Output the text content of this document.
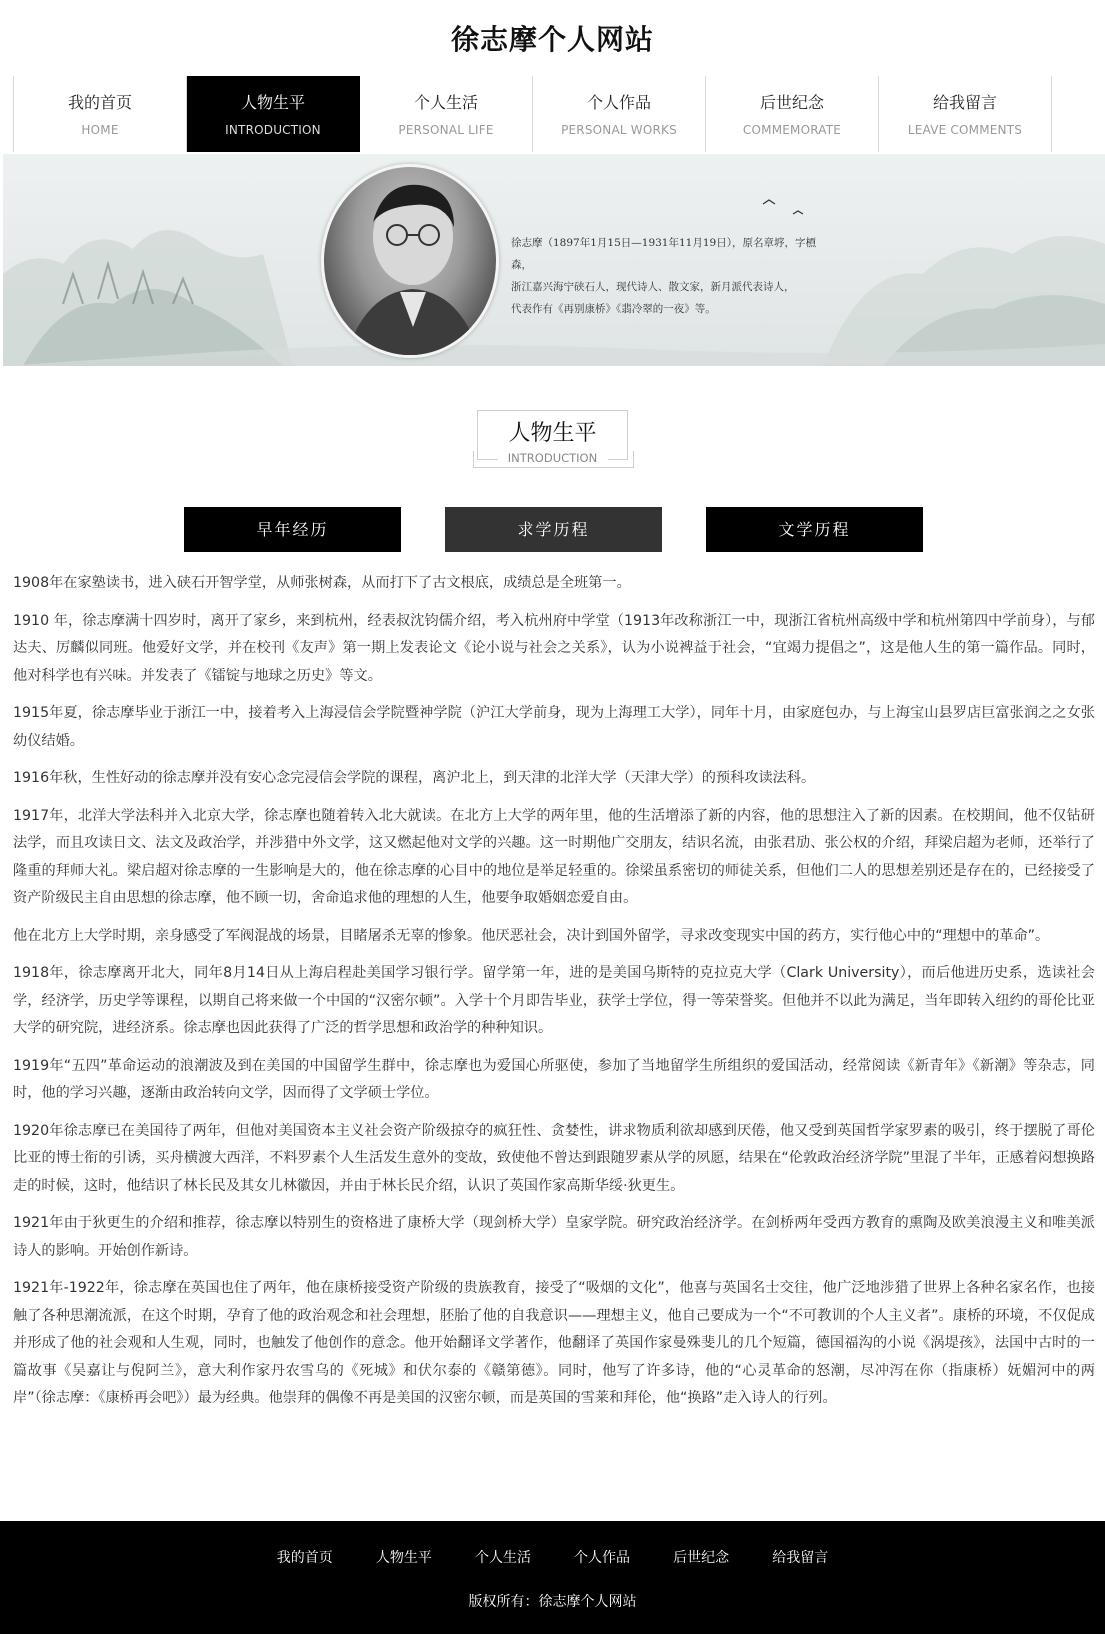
徐志摩个人网站
我的首页
HOME
人物生平
INTRODUCTION
个人生活
PERSONAL LIFE
个人作品
PERSONAL WORKS
后世纪念
COMMEMORATE
给我留言
LEAVE COMMENTS
徐志摩（1897年1月15日—1931年11月19日），原名章垿，字槱森，
浙江嘉兴海宁硖石人，现代诗人、散文家，新月派代表诗人，
代表作有《再别康桥》《翡冷翠的一夜》等。
人物生平
INTRODUCTION
早年经历	求学历程	文学历程

1908年在家塾读书，进入硖石开智学堂，从师张树森，从而打下了古文根底，成绩总是全班第一。

1910 年，徐志摩满十四岁时，离开了家乡，来到杭州，经表叔沈钧儒介绍，考入杭州府中学堂（1913年改称浙江一中，现浙江省杭州高级中学和杭州第四中学前身），与郁达夫、厉麟似同班。他爱好文学，并在校刊《友声》第一期上发表论文《论小说与社会之关系》，认为小说裨益于社会，“宜竭力提倡之”，这是他人生的第一篇作品。同时，他对科学也有兴味。并发表了《镭锭与地球之历史》等文。

1915年夏，徐志摩毕业于浙江一中，接着考入上海浸信会学院暨神学院（沪江大学前身，现为上海理工大学），同年十月，由家庭包办，与上海宝山县罗店巨富张润之之女张幼仪结婚。

1916年秋，生性好动的徐志摩并没有安心念完浸信会学院的课程，离沪北上，到天津的北洋大学（天津大学）的预科攻读法科。

1917年，北洋大学法科并入北京大学，徐志摩也随着转入北大就读。在北方上大学的两年里，他的生活增添了新的内容，他的思想注入了新的因素。在校期间，他不仅钻研法学，而且攻读日文、法文及政治学，并涉猎中外文学，这又燃起他对文学的兴趣。这一时期他广交朋友，结识名流，由张君劢、张公权的介绍，拜梁启超为老师，还举行了隆重的拜师大礼。梁启超对徐志摩的一生影响是大的，他在徐志摩的心目中的地位是举足轻重的。徐梁虽系密切的师徒关系，但他们二人的思想差别还是存在的，已经接受了资产阶级民主自由思想的徐志摩，他不顾一切，舍命追求他的理想的人生，他要争取婚姻恋爱自由。

他在北方上大学时期，亲身感受了军阀混战的场景，目睹屠杀无辜的惨象。他厌恶社会，决计到国外留学，寻求改变现实中国的药方，实行他心中的“理想中的革命”。

1918年，徐志摩离开北大，同年8月14日从上海启程赴美国学习银行学。留学第一年，进的是美国乌斯特的克拉克大学（Clark University），而后他进历史系，选读社会学，经济学，历史学等课程，以期自己将来做一个中国的“汉密尔顿”。入学十个月即告毕业，获学士学位，得一等荣誉奖。但他并不以此为满足，当年即转入纽约的哥伦比亚大学的研究院，进经济系。徐志摩也因此获得了广泛的哲学思想和政治学的种种知识。

1919年“五四”革命运动的浪潮波及到在美国的中国留学生群中，徐志摩也为爱国心所驱使，参加了当地留学生所组织的爱国活动，经常阅读《新青年》《新潮》等杂志，同时，他的学习兴趣，逐渐由政治转向文学，因而得了文学硕士学位。

1920年徐志摩已在美国待了两年，但他对美国资本主义社会资产阶级掠夺的疯狂性、贪婪性，讲求物质利欲却感到厌倦，他又受到英国哲学家罗素的吸引，终于摆脱了哥伦比亚的博士衔的引诱，买舟横渡大西洋，不料罗素个人生活发生意外的变故，致使他不曾达到跟随罗素从学的夙愿，结果在“伦敦政治经济学院”里混了半年，正感着闷想换路走的时候，这时，他结识了林长民及其女儿林徽因，并由于林长民介绍，认识了英国作家高斯华绥·狄更生。

1921年由于狄更生的介绍和推荐，徐志摩以特别生的资格进了康桥大学（现剑桥大学）皇家学院。研究政治经济学。在剑桥两年受西方教育的熏陶及欧美浪漫主义和唯美派诗人的影响。开始创作新诗。

1921年-1922年，徐志摩在英国也住了两年，他在康桥接受资产阶级的贵族教育，接受了“吸烟的文化”，他喜与英国名士交往，他广泛地涉猎了世界上各种名家名作，也接触了各种思潮流派，在这个时期，孕育了他的政治观念和社会理想，胚胎了他的自我意识——理想主义，他自己要成为一个“不可教训的个人主义者”。康桥的环境，不仅促成并形成了他的社会观和人生观，同时，也触发了他创作的意念。他开始翻译文学著作，他翻译了英国作家曼殊斐儿的几个短篇，德国福沟的小说《涡堤孩》，法国中古时的一篇故事《吴嘉让与倪阿兰》，意大利作家丹农雪乌的《死城》和伏尔泰的《赣第德》。同时，他写了许多诗，他的“心灵革命的怒潮，尽冲泻在你（指康桥）妩媚河中的两岸”（徐志摩：《康桥再会吧》）最为经典。他崇拜的偶像不再是美国的汉密尔顿，而是英国的雪莱和拜伦，他“换路”走入诗人的行列。

我的首页	人物生平	个人生活	个人作品	后世纪念	给我留言
版权所有：徐志摩个人网站
